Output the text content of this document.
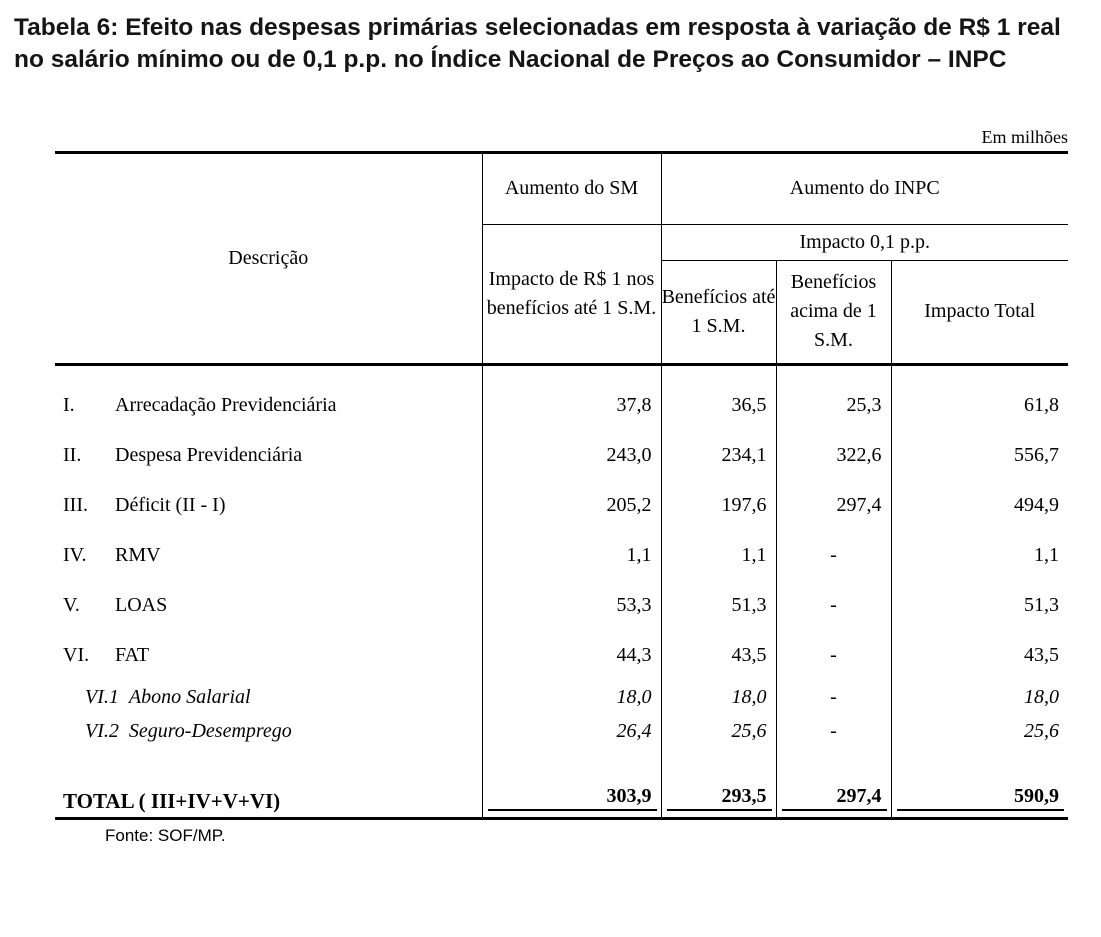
Tabela 6: Efeito nas despesas primárias selecionadas em resposta à variação de R$ 1 real no salário mínimo ou de 0,1 p.p. no Índice Nacional de Preços ao Consumidor – INPC
Em milhões
Descrição	Aumento do SM	Aumento do INPC		
	Impacto de R$ 1 nos benefícios até 1 S.M.	Impacto 0,1 p.p.		
		Benefícios até 1 S.M.	Benefícios acima de 1 S.M.	Impacto Total

I. Arrecadação Previdenciária	37,8	36,5	25,3	61,8
II. Despesa Previdenciária	243,0	234,1	322,6	556,7
III. Déficit (II - I)	205,2	197,6	297,4	494,9
IV. RMV	1,1	1,1	-	1,1
V. LOAS	53,3	51,3	-	51,3
VI. FAT	44,3	43,5	-	43,5
VI.1 Abono Salarial	18,0	18,0	-	18,0
VI.2 Seguro-Desemprego	26,4	25,6	-	25,6

TOTAL ( III+IV+V+VI)	303,9	293,5	297,4	590,9
Fonte: SOF/MP.
